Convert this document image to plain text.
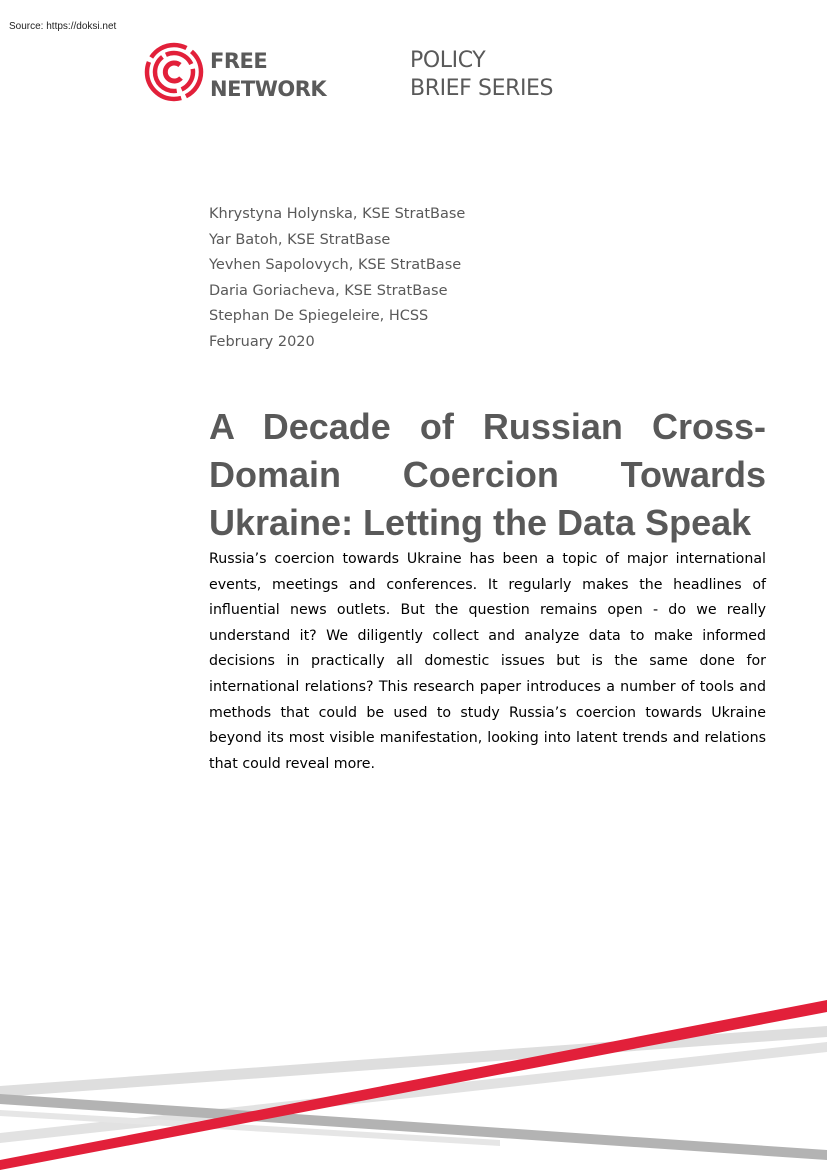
Source: https://doksi.net
FREE
NETWORK
POLICY
BRIEF SERIES
Khrystyna Holynska, KSE StratBase
Yar Batoh, KSE StratBase
Yevhen Sapolovych, KSE StratBase
Daria Goriacheva, KSE StratBase
Stephan De Spiegeleire, HCSS
February 2020
A Decade of Russian Cross-Domain Coercion Towards Ukraine: Letting the Data Speak
Russia’s coercion towards Ukraine has been a topic of major international events, meetings and conferences. It regularly makes the headlines of influential news outlets. But the question remains open - do we really understand it? We diligently collect and analyze data to make informed decisions in practically all domestic issues but is the same done for international relations? This research paper introduces a number of tools and methods that could be used to study Russia’s coercion towards Ukraine beyond its most visible manifestation, looking into latent trends and relations that could reveal more.
